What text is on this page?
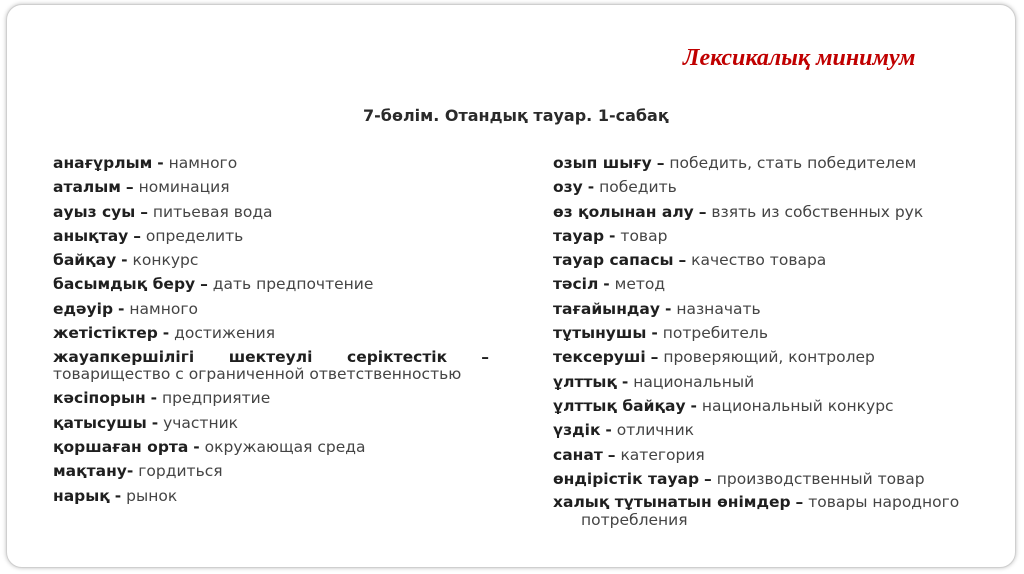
Лексикалық минимум
7-бөлім. Отандық тауар. 1-сабақ
анағұрлым - намного
аталым – номинация
ауыз суы – питьевая вода
анықтау – определить
байқау - конкурс
басымдық беру – дать предпочтение
едәуір - намного
жетістіктер - достижения
жауапкершілігі шектеулі серіктестік – товарищество с ограниченной ответственностью
кәсіпорын - предприятие
қатысушы - участник
қоршаған орта - окружающая среда
мақтану- гордиться
нарық - рынок
озып шығу – победить, стать победителем
озу - победить
өз қолынан алу – взять из собственных рук
тауар - товар
тауар сапасы – качество товара
тәсіл - метод
тағайындау - назначать
тұтынушы - потребитель
тексеруші – проверяющий, контролер
ұлттық - национальный
ұлттық байқау - национальный конкурс
үздік - отличник
санат – категория
өндірістік тауар – производственный товар
халық тұтынатын өнімдер – товары народного потребления
